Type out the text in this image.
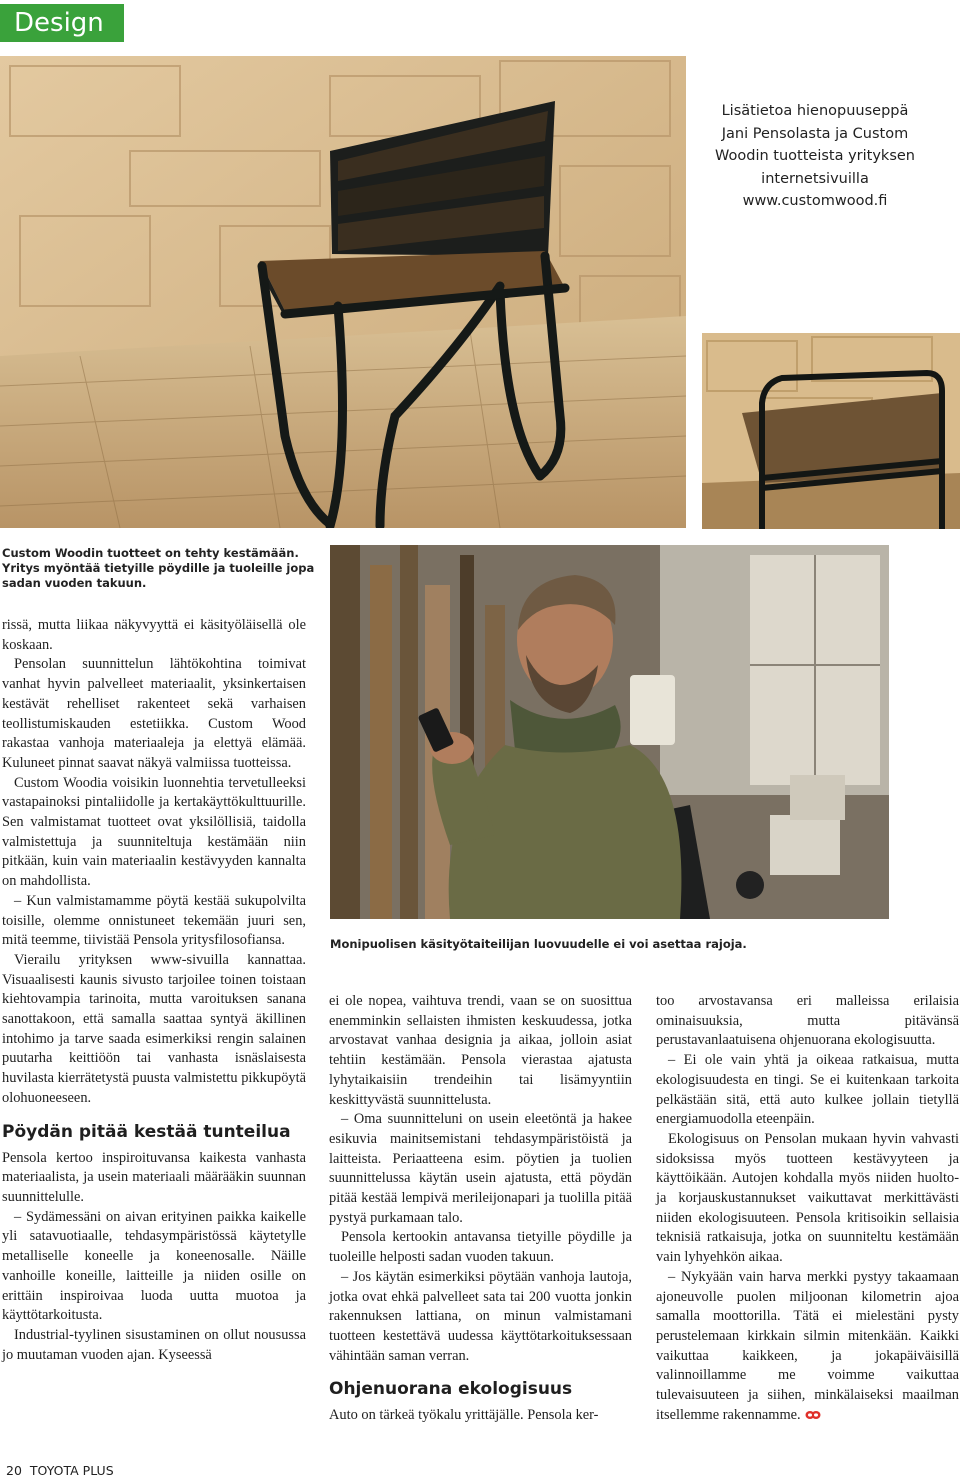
Design
Lisätietoa hienopuuseppä
Jani Pensolasta ja Custom
Woodin tuotteista yrityksen
internetsivuilla
www.customwood.fi
Custom Woodin tuotteet on tehty kestämään.
Yritys myöntää tietyille pöydille ja tuoleille jopa
sadan vuoden takuun.
Monipuolisen käsityötaiteilijan luovuudelle ei voi asettaa rajoja.

rissä, mutta liikaa näkyvyyttä ei käsityöläisellä ole koskaan.

Pensolan suunnittelun lähtökohtina toimivat vanhat hyvin palvelleet materiaalit, yksinkertaisen kestävät rehelliset rakenteet sekä varhaisen teollistumiskauden estetiikka. Custom Wood rakastaa vanhoja materiaaleja ja elettyä elämää. Kuluneet pinnat saavat näkyä valmiissa tuotteissa.

Custom Woodia voisikin luonnehtia tervetulleeksi vastapainoksi pintaliidolle ja kertakäyttökulttuurille. Sen valmistamat tuotteet ovat yksilöllisiä, taidolla valmistettuja ja suunniteltuja kestämään niin pitkään, kuin vain materiaalin kestävyyden kannalta on mahdollista.

– Kun valmistamamme pöytä kestää sukupolvilta toisille, olemme onnistuneet tekemään juuri sen, mitä teemme, tiivistää Pensola yritysfilosofiansa.

Vierailu yrityksen www-sivuilla kannattaa. Visuaalisesti kaunis sivusto tarjoilee toinen toistaan kiehtovampia tarinoita, mutta varoituksen sanana sanottakoon, että samalla saattaa syntyä äkillinen intohimo ja tarve saada esimerkiksi rengin salainen puutarha keittiöön tai vanhasta isnäslaisesta huvilasta kierrätetystä puusta valmistettu pikkupöytä olohuoneeseen.

Pöydän pitää kestää tunteilua

Pensola kertoo inspiroituvansa kaikesta vanhasta materiaalista, ja usein materiaali määrääkin suunnan suunnittelulle.

– Sydämessäni on aivan erityinen paikka kaikelle yli satavuotiaalle, tehdasympäristössä käytetylle metalliselle koneelle ja koneenosalle. Näille vanhoille koneille, laitteille ja niiden osille on erittäin inspiroivaa luoda uutta muotoa ja käyttötarkoitusta.

Industrial-tyylinen sisustaminen on ollut nousussa jo muutaman vuoden ajan. Kyseessä

ei ole nopea, vaihtuva trendi, vaan se on suosittua enemminkin sellaisten ihmisten keskuudessa, jotka arvostavat vanhaa designia ja aikaa, jolloin asiat tehtiin kestämään. Pensola vierastaa ajatusta lyhytaikaisiin trendeihin tai lisämyyntiin keskittyvästä suunnittelusta.

– Oma suunnitteluni on usein eleetöntä ja hakee esikuvia mainitsemistani tehdasympäristöistä ja laitteista. Periaatteena esim. pöytien ja tuolien suunnittelussa käytän usein ajatusta, että pöydän pitää kestää lempivä merileijonapari ja tuolilla pitää pystyä purkamaan talo.

Pensola kertookin antavansa tietyille pöydille ja tuoleille helposti sadan vuoden takuun.

– Jos käytän esimerkiksi pöytään vanhoja lautoja, jotka ovat ehkä palvelleet sata tai 200 vuotta jonkin rakennuksen lattiana, on minun valmistamani tuotteen kestettävä uudessa käyttötarkoituksessaan vähintään saman verran.

Ohjenuorana ekologisuus

Auto on tärkeä työkalu yrittäjälle. Pensola ker-

too arvostavansa eri malleissa erilaisia ominaisuuksia, mutta pitävänsä perustavanlaatuisena ohjenuorana ekologisuutta.

– Ei ole vain yhtä ja oikeaa ratkaisua, mutta ekologisuudesta en tingi. Se ei kuitenkaan tarkoita pelkästään sitä, että auto kulkee jollain tietyllä energiamuodolla eteenpäin.

Ekologisuus on Pensolan mukaan hyvin vahvasti sidoksissa myös tuotteen kestävyyteen ja käyttöikään. Autojen kohdalla myös niiden huolto- ja korjauskustannukset vaikuttavat merkittävästi niiden ekologisuuteen. Pensola kritisoikin sellaisia teknisiä ratkaisuja, jotka on suunniteltu kestämään vain lyhyehkön aikaa.

– Nykyään vain harva merkki pystyy takaamaan ajoneuvolle puolen miljoonan kilometrin ajoa samalla moottorilla. Tätä ei mielestäni pysty perustelemaan kirkkain silmin mitenkään. Kaikki vaikuttaa kaikkeen, ja jokapäiväisillä valinnoillamme me voimme vaikuttaa tulevaisuuteen ja siihen, minkälaiseksi maailman itsellemme rakennamme.

20 TOYOTA PLUS
